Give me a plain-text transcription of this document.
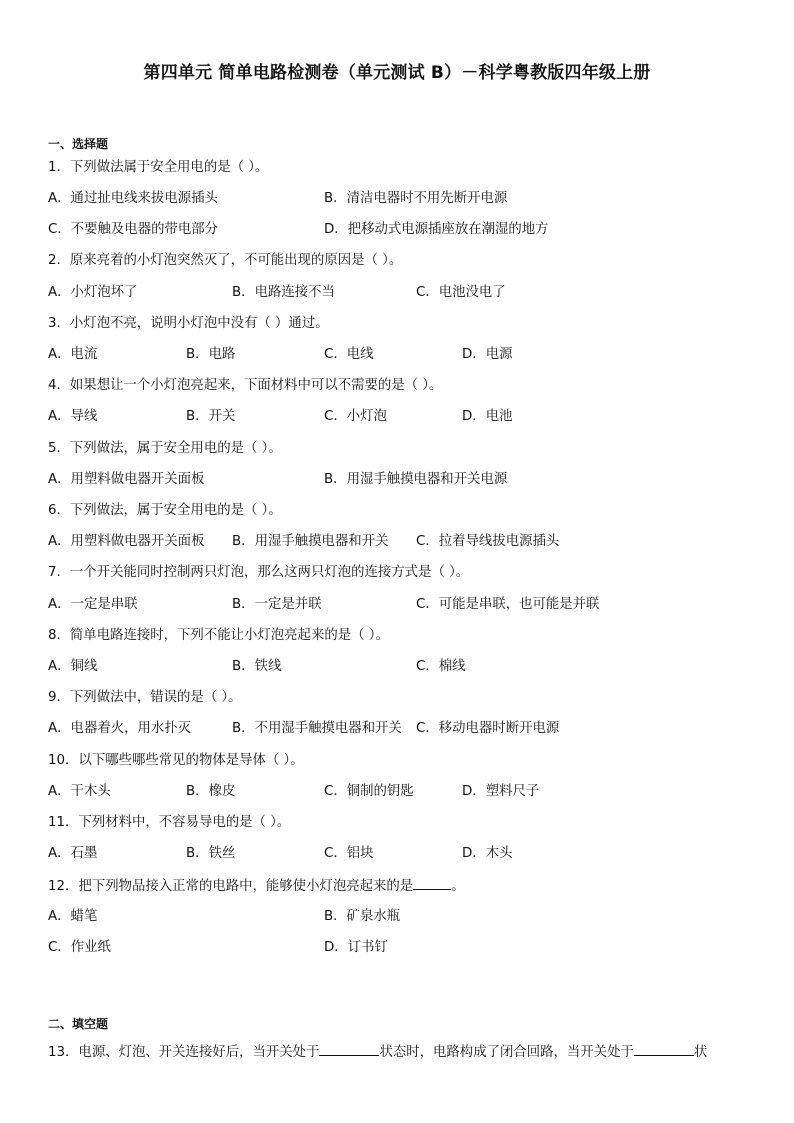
第四单元 简单电路检测卷（单元测试 B）－科学粤教版四年级上册
一、选择题
1．下列做法属于安全用电的是（ ）。
A．通过扯电线来拔电源插头	B．清洁电器时不用先断开电源
C．不要触及电器的带电部分	D．把移动式电源插座放在潮湿的地方
2．原来亮着的小灯泡突然灭了，不可能出现的原因是（ ）。
A．小灯泡坏了	B．电路连接不当	C．电池没电了
3．小灯泡不亮，说明小灯泡中没有（ ）通过。
A．电流	B．电路	C．电线	D．电源
4．如果想让一个小灯泡亮起来，下面材料中可以不需要的是（ ）。
A．导线	B．开关	C．小灯泡	D．电池
5．下列做法，属于安全用电的是（ ）。
A．用塑料做电器开关面板	B．用湿手触摸电器和开关电源
6．下列做法，属于安全用电的是（ ）。
A．用塑料做电器开关面板 B．用湿手触摸电器和开关 C．拉着导线拔电源插头
7．一个开关能同时控制两只灯泡，那么这两只灯泡的连接方式是（ ）。
A．一定是串联	B．一定是并联	C．可能是串联，也可能是并联
8．简单电路连接时，下列不能让小灯泡亮起来的是（ ）。
A．铜线	B．铁线	C．棉线
9．下列做法中，错误的是（ ）。
A．电器着火，用水扑灭	B．不用湿手触摸电器和开关 C．移动电器时断开电源
10．以下哪些哪些常见的物体是导体（ ）。
A．干木头	B．橡皮	C．铜制的钥匙	D．塑料尺子
11．下列材料中，不容易导电的是（ ）。
A．石墨	B．铁丝	C．铝块	D．木头
12．把下列物品接入正常的电路中，能够使小灯泡亮起来的是	。
A．蜡笔	B．矿泉水瓶
C．作业纸	D．订书钉
二、填空题
13．电源、灯泡、开关连接好后，当开关处于	状态时，电路构成了闭合回路，当开关处于	状
